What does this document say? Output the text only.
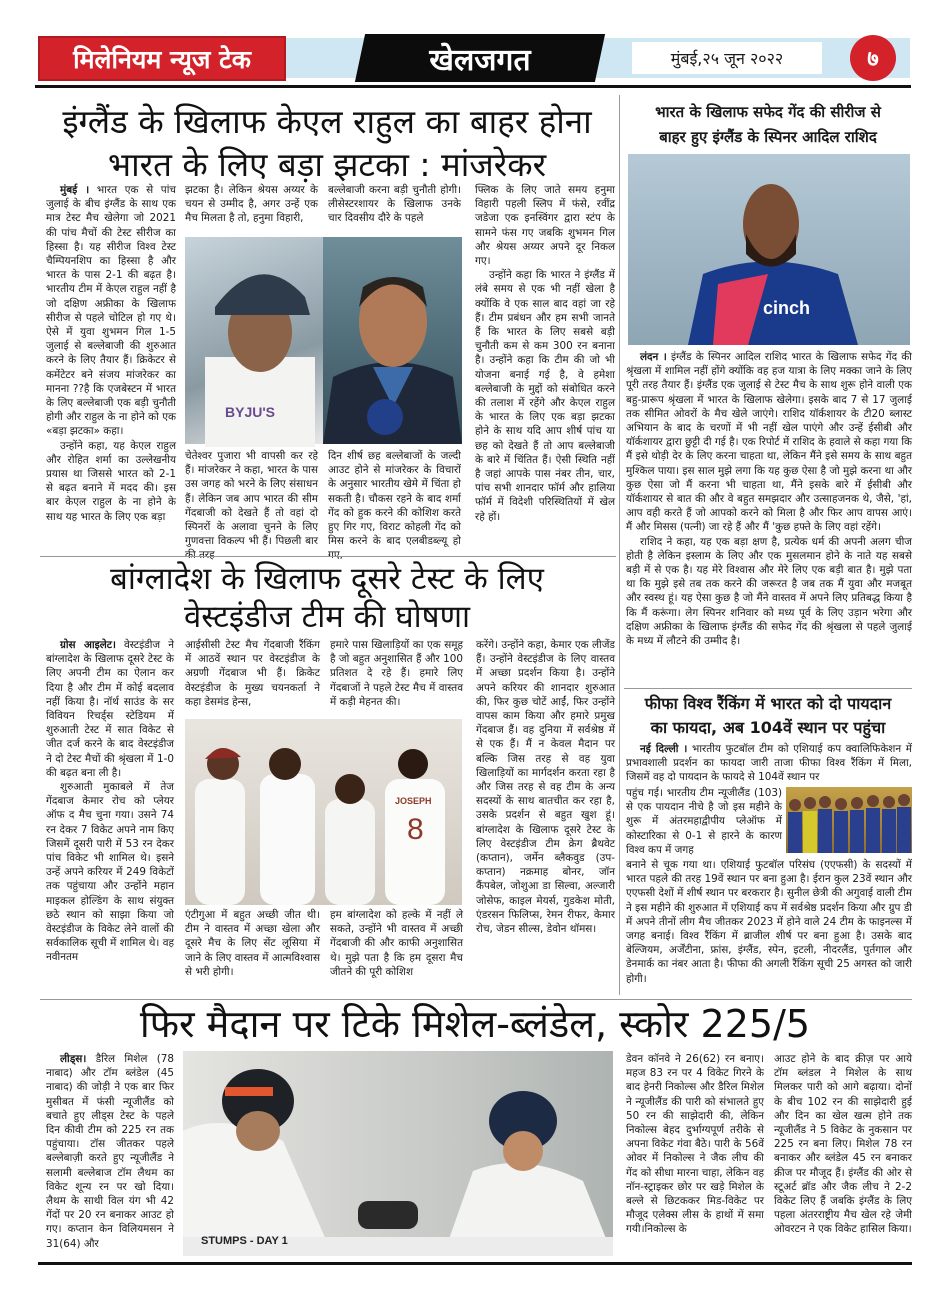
मिलेनियम न्यूज टेक	खेलजगत	मुंबई,२५ जून २०२२	७
इंग्लैंड के खिलाफ केएल राहुल का बाहर होना
भारत के लिए बड़ा झटका : मांजरेकर

मुंबई । भारत एक से पांच जुलाई के बीच इंग्लैंड के साथ एक मात्र टेस्ट मैच खेलेगा जो 2021 की पांच मैचों की टेस्ट सीरीज का हिस्सा है। यह सीरीज विश्व टेस्ट चैम्पियनशिप का हिस्सा है और भारत के पास 2-1 की बढ़त है। भारतीय टीम में केएल राहुल नहीं है जो दक्षिण अफ्रीका के खिलाफ सीरीज से पहले चोटिल हो गए थे। ऐसे में युवा शुभमन गिल 1-5 जुलाई से बल्लेबाजी की शुरुआत करने के लिए तैयार हैं। क्रिकेटर से कमेंटेटर बने संजय मांजरेकर का मानना ??है कि एजबेस्टन में भारत के लिए बल्लेबाजी एक बड़ी चुनौती होगी और राहुल के ना होने को एक «बड़ा झटका» कहा।

उन्होंने कहा, यह केएल राहुल और रोहित शर्मा का उल्लेखनीय प्रयास था जिससे भारत को 2-1 से बढ़त बनाने में मदद की। इस बार केएल राहुल के ना होने के साथ यह भारत के लिए एक बड़ा

झटका है। लेकिन श्रेयस अय्यर के चयन से उम्मीद है, अगर उन्हें एक मैच मिलता है तो, हनुमा विहारी,

बल्लेबाजी करना बड़ी चुनौती होगी। लीसेस्टरशायर के खिलाफ उनके चार दिवसीय दौरे के पहले

BYJU'S

चेतेश्वर पुजारा भी वापसी कर रहे हैं। मांजरेकर ने कहा, भारत के पास उस जगह को भरने के लिए संसाधन हैं। लेकिन जब आप भारत की सीम गेंदबाजी को देखते हैं तो वहां दो स्पिनरों के अलावा चुनने के लिए गुणवत्ता विकल्प भी हैं। पिछली बार

दिन शीर्ष छह बल्लेबाजों के जल्दी आउट होने से मांजरेकर के विचारों के अनुसार भारतीय खेमे में चिंता हो सकती है। चौकस रहने के बाद शर्मा गेंद को हुक करने की कोशिश करते हुए गिर गए, विराट कोहली गेंद को मिस करने के बाद एलबीडब्ल्यू हो

फ्लिक के लिए जाते समय हनुमा विहारी पहली स्लिप में फंसे, रवींद्र जडेजा एक इनस्विंगर द्वारा स्टंप के सामने फंस गए जबकि शुभमन गिल और श्रेयस अय्यर अपने दूर निकल गए।

उन्होंने कहा कि भारत ने इंग्लैंड में लंबे समय से एक भी नहीं खेला है क्योंकि वे एक साल बाद वहां जा रहे हैं। टीम प्रबंधन और हम सभी जानते हैं कि भारत के लिए सबसे बड़ी चुनौती कम से कम 300 रन बनाना है। उन्होंने कहा कि टीम की जो भी योजना बनाई गई है, वे हमेशा बल्लेबाजी के मुद्दों को संबोधित करने की तलाश में रहेंगे और केएल राहुल के भारत के लिए एक बड़ा झटका होने के साथ यदि आप शीर्ष पांच या छह को देखते हैं तो आप बल्लेबाजी के बारे में चिंतित हैं। ऐसी स्थिति नहीं है जहां आपके पास नंबर तीन, चार, पांच सभी शानदार फॉर्म और हालिया फॉर्म में विदेशी परिस्थितियों में खेल रहे हों।

भारत के खिलाफ सफेद गेंद की सीरीज से
बाहर हुए इंग्लैंड के स्पिनर आदिल राशिद
cinch

लंदन । इंग्लैंड के स्पिनर आदिल राशिद भारत के खिलाफ सफेद गेंद की श्रृंखला में शामिल नहीं होंगे क्योंकि वह हज यात्रा के लिए मक्का जाने के लिए पूरी तरह तैयार हैं। इंग्लैंड एक जुलाई से टेस्ट मैच के साथ शुरू होने वाली एक बहु-प्रारूप श्रृंखला में भारत के खिलाफ खेलेगा। इसके बाद 7 से 17 जुलाई तक सीमित ओवरों के मैच खेले जाएंगे। राशिद यॉर्कशायर के टी20 ब्लास्ट अभियान के बाद के चरणों में भी नहीं खेल पाएंगे और उन्हें ईसीबी और यॉर्कशायर द्वारा छुट्टी दी गई है। एक रिपोर्ट में राशिद के हवाले से कहा गया कि मैं इसे थोड़ी देर के लिए करना चाहता था, लेकिन मैंने इसे समय के साथ बहुत मुश्किल पाया। इस साल मुझे लगा कि यह कुछ ऐसा है जो मुझे करना था और कुछ ऐसा जो मैं करना भी चाहता था, मैंने इसके बारे में ईसीबी और यॉर्कशायर से बात की और वे बहुत समझदार और उत्साहजनक थे, जैसे, 'हां, आप वही करते हैं जो आपको करने को मिला है और फिर आप वापस आएं। मैं और मिसस (पत्नी) जा रहे हैं और मैं 'कुछ हफ्ते के लिए वहां रहेंगे।

राशिद ने कहा, यह एक बड़ा क्षण है, प्रत्येक धर्म की अपनी अलग चीज होती है लेकिन इस्लाम के लिए और एक मुसलमान होने के नाते यह सबसे बड़ी में से एक है। यह मेरे विश्वास और मेरे लिए एक बड़ी बात है। मुझे पता था कि मुझे इसे तब तक करने की जरूरत है जब तक मैं युवा और मजबूत और स्वस्थ हूं। यह ऐसा कुछ है जो मैंने वास्तव में अपने लिए प्रतिबद्ध किया है कि मैं करूंगा। लेग स्पिनर शनिवार को मध्य पूर्व के लिए उड़ान भरेगा और दक्षिण अफ्रीका के खिलाफ इंग्लैंड की सफेद गेंद की श्रृंखला से पहले जुलाई के मध्य में लौटने की उम्मीद है।

बांग्लादेश के खिलाफ दूसरे टेस्ट के लिए
वेस्टइंडीज टीम की घोषणा

ग्रोस आइलेट। वेस्टइंडीज ने बांग्लादेश के खिलाफ दूसरे टेस्ट के लिए अपनी टीम का ऐलान कर दिया है और टीम में कोई बदलाव नहीं किया है। नॉर्थ साउंड के सर विवियन रिचर्ड्स स्टेडियम में शुरुआती टेस्ट में सात विकेट से जीत दर्ज करने के बाद वेस्टइंडीज ने दो टेस्ट मैचों की श्रृंखला में 1-0 की बढ़त बना ली है।

शुरुआती मुकाबले में तेज गेंदबाज केमार रोच को प्लेयर ऑफ द मैच चुना गया। उसने 74 रन देकर 7 विकेट अपने नाम किए जिसमें दूसरी पारी में 53 रन देकर पांच विकेट भी शामिल थे। इसने उन्हें अपने करियर में 249 विकेटों तक पहुंचाया और उन्होंने महान माइकल होल्डिंग के साथ संयुक्त छठे स्थान को साझा किया जो वेस्टइंडीज के विकेट लेने वालों की सर्वकालिक सूची में शामिल थे। वह नवीनतम

आईसीसी टेस्ट मैच गेंदबाजी रैंकिंग में आठवें स्थान पर वेस्टइंडीज के अग्रणी गेंदबाज भी हैं। क्रिकेट वेस्टइंडीज के मुख्य चयनकर्ता ने कहा डेसमंड हेन्स,

हमारे पास खिलाड़ियों का एक समूह है जो बहुत अनुशासित हैं और 100 प्रतिशत दे रहे हैं। हमारे लिए गेंदबाजों ने पहले टेस्ट मैच में वास्तव में कड़ी मेहनत की।

JOSEPH
8

एंटीगुआ में बहुत अच्छी जीत थी। टीम ने वास्तव में अच्छा खेला और दूसरे मैच के लिए सेंट लूसिया में जाने के लिए वास्तव में आत्मविश्वास से भरी होगी।

हम बांग्लादेश को हल्के में नहीं ले सकते, उन्होंने भी वास्तव में अच्छी गेंदबाजी की और काफी अनुशासित थे। मुझे पता है कि हम दूसरा मैच जीतने की पूरी कोशिश

करेंगे। उन्होंने कहा, केमार एक लीजेंड हैं। उन्होंने वेस्टइंडीज के लिए वास्तव में अच्छा प्रदर्शन किया है। उन्होंने अपने करियर की शानदार शुरुआत की, फिर कुछ चोटें आईं, फिर उन्होंने वापस काम किया और हमारे प्रमुख गेंदबाज हैं। वह दुनिया में सर्वश्रेष्ठ में से एक हैं। मैं न केवल मैदान पर बल्कि जिस तरह से वह युवा खिलाड़ियों का मार्गदर्शन करता रहा है और जिस तरह से वह टीम के अन्य सदस्यों के साथ बातचीत कर रहा है, उसके प्रदर्शन से बहुत खुश हूं। बांग्लादेश के खिलाफ दूसरे टेस्ट के लिए वेस्टइंडीज टीम क्रेग ब्रैथवेट (कप्तान), जर्मेन ब्लैकवुड (उप-कप्तान) नक्रमाह बोनर, जॉन कैंपबेल, जोशुआ डा सिल्वा, अल्जारी जोसेफ, काइल मेयर्स, गुडकेश मोती, एंडरसन फिलिप्स, रेमन रीफर, केमार रोच, जेडन सील्स, डेवोन थॉमस।

फीफा विश्व रैंकिंग में भारत को दो पायदान
का फायदा, अब 104वें स्थान पर पहुंचा

नई दिल्ली । भारतीय फुटबॉल टीम को एशियाई कप क्वालिफिकेशन में प्रभावशाली प्रदर्शन का फायदा जारी ताजा फीफा विश्व रैंकिंग में मिला, जिसमें वह दो पायदान के फायदे से 104वें स्थान पर

पहुंच गई। भारतीय टीम न्यूजीलैंड (103) से एक पायदान नीचे है जो इस महीने के शुरू में अंतरमहाद्वीपीय प्लेऑफ में कोस्टारिका से 0-1 से हारने के कारण विश्व कप में जगह

बनाने से चूक गया था। एशियाई फुटबॉल परिसंघ (एएफसी) के सदस्यों में भारत पहले की तरह 19वें स्थान पर बना हुआ है। ईरान कुल 23वें स्थान और एएफसी देशों में शीर्ष स्थान पर बरकरार है। सुनील छेत्री की अगुवाई वाली टीम ने इस महीने की शुरुआत में एशियाई कप में सर्वश्रेष्ठ प्रदर्शन किया और ग्रुप डी में अपने तीनों लीग मैच जीतकर 2023 में होने वाले 24 टीम के फाइनल्स में जगह बनाई। विश्व रैंकिंग में ब्राजील शीर्ष पर बना हुआ है। उसके बाद बेल्जियम, अर्जेंटीना, फ्रांस, इंग्लैंड, स्पेन, इटली, नीदरलैंड, पुर्तगाल और डेनमार्क का नंबर आता है। फीफा की अगली रैंकिंग सूची 25 अगस्त को जारी होगी।

फिर मैदान पर टिके मिशेल-ब्लंडेल, स्कोर 225/5

लीड्स। डैरिल मिशेल (78 नाबाद) और टॉम ब्लंडेल (45 नाबाद) की जोड़ी ने एक बार फिर मुसीबत में फंसी न्यूजीलैंड को बचाते हुए लीड्स टेस्ट के पहले दिन कीवी टीम को 225 रन तक पहुंचाया। टॉस जीतकर पहले बल्लेबाज़ी करते हुए न्यूजीलैंड ने सलामी बल्लेबाज टॉम लैथम का विकेट शून्य रन पर खो दिया। लैथम के साथी विल यंग भी 42 गेंदों पर 20 रन बनाकर आउट हो गए। कप्तान केन विलियमसन ने 31(64) और	STUMPS - DAY 1

डेवन कॉनवे ने 26(62) रन बनाए। महज 83 रन पर 4 विकेट गिरने के बाद हेनरी निकोल्स और डैरिल मिशेल ने न्यूजीलैंड की पारी को संभालते हुए 50 रन की साझेदारी की, लेकिन निकोल्स बेहद दुर्भाग्यपूर्ण तरीके से अपना विकेट गंवा बैठे। पारी के 56वें ओवर में निकोल्स ने जैक लीच की गेंद को सीधा मारना चाहा, लेकिन वह नॉन-स्ट्राइकर छोर पर खड़े मिशेल के बल्ले से छिटककर मिड-विकेट पर मौजूद एलेक्स लीस के हाथों में समा गयी।निकोल्स के

आउट होने के बाद क्रीज़ पर आये टॉम ब्लंडल ने मिशेल के साथ मिलकर पारी को आगे बढ़ाया। दोनों के बीच 102 रन की साझेदारी हुई और दिन का खेल खत्म होने तक न्यूजीलैंड ने 5 विकेट के नुकसान पर 225 रन बना लिए। मिशेल 78 रन बनाकर और ब्लंडेल 45 रन बनाकर क्रीज पर मौजूद हैं। इंग्लैंड की ओर से स्टूअर्ट ब्रॉड और जैक लीच ने 2-2 विकेट लिए हैं जबकि इंग्लैंड के लिए पहला अंतरराष्ट्रीय मैच खेल रहे जेमी ओवरटन ने एक विकेट हासिल किया।
